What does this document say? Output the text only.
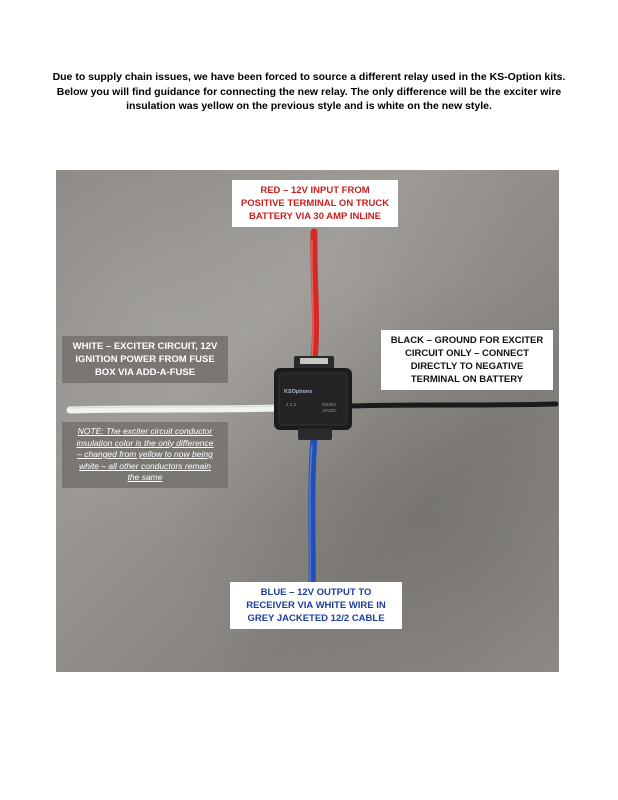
Due to supply chain issues, we have been forced to source a different relay used in the KS-Option kits.
Below you will find guidance for connecting the new relay. The only difference will be the exciter wire
insulation was yellow on the previous style and is white on the new style.
KSOptions
2 1 3	40/30A
12VDC
RED – 12V INPUT FROM
POSITIVE TERMINAL ON TRUCK
BATTERY VIA 30 AMP INLINE
BLACK – GROUND FOR EXCITER
CIRCUIT ONLY – CONNECT
DIRECTLY TO NEGATIVE
TERMINAL ON BATTERY
WHITE – EXCITER CIRCUIT, 12V
IGNITION POWER FROM FUSE
BOX VIA ADD-A-FUSE
NOTE: The exciter circuit conductor
insulation color is the only difference
– changed from yellow to now being
white – all other conductors remain
the same
BLUE – 12V OUTPUT TO
RECEIVER VIA WHITE WIRE IN
GREY JACKETED 12/2 CABLE
